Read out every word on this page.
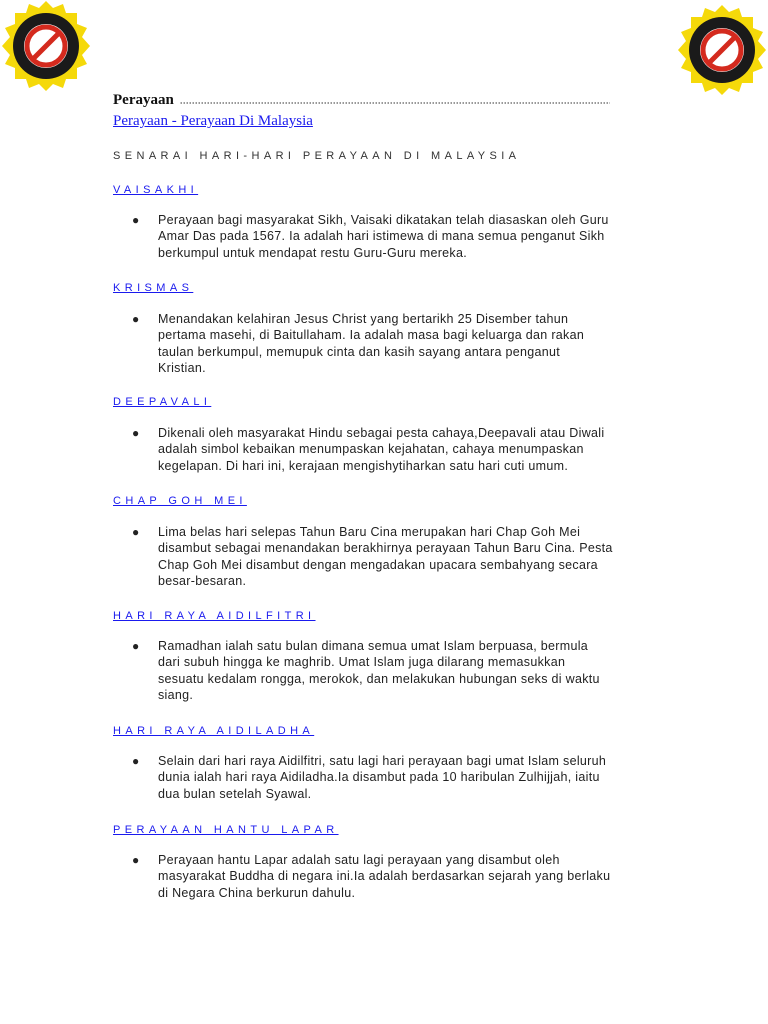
Perayaan
Perayaan - Perayaan Di Malaysia
SENARAI HARI-HARI PERAYAAN DI MALAYSIA
VAISAKHI
● Perayaan bagi masyarakat Sikh, Vaisaki dikatakan telah diasaskan oleh Guru
Amar Das pada 1567. Ia adalah hari istimewa di mana semua penganut Sikh
berkumpul untuk mendapat restu Guru-Guru mereka.
KRISMAS
● Menandakan kelahiran Jesus Christ yang bertarikh 25 Disember tahun
pertama masehi, di Baitullaham. Ia adalah masa bagi keluarga dan rakan
taulan berkumpul, memupuk cinta dan kasih sayang antara penganut
Kristian.
DEEPAVALI
● Dikenali oleh masyarakat Hindu sebagai pesta cahaya,Deepavali atau Diwali
adalah simbol kebaikan menumpaskan kejahatan, cahaya menumpaskan
kegelapan. Di hari ini, kerajaan mengishytiharkan satu hari cuti umum.
CHAP GOH MEI
● Lima belas hari selepas Tahun Baru Cina merupakan hari Chap Goh Mei
disambut sebagai menandakan berakhirnya perayaan Tahun Baru Cina. Pesta
Chap Goh Mei disambut dengan mengadakan upacara sembahyang secara
besar-besaran.
HARI RAYA AIDILFITRI
● Ramadhan ialah satu bulan dimana semua umat Islam berpuasa, bermula
dari subuh hingga ke maghrib. Umat Islam juga dilarang memasukkan
sesuatu kedalam rongga, merokok, dan melakukan hubungan seks di waktu
siang.
HARI RAYA AIDILADHA
● Selain dari hari raya Aidilfitri, satu lagi hari perayaan bagi umat Islam seluruh
dunia ialah hari raya Aidiladha.Ia disambut pada 10 haribulan Zulhijjah, iaitu
dua bulan setelah Syawal.
PERAYAAN HANTU LAPAR
● Perayaan hantu Lapar adalah satu lagi perayaan yang disambut oleh
masyarakat Buddha di negara ini.Ia adalah berdasarkan sejarah yang berlaku
di Negara China berkurun dahulu.
